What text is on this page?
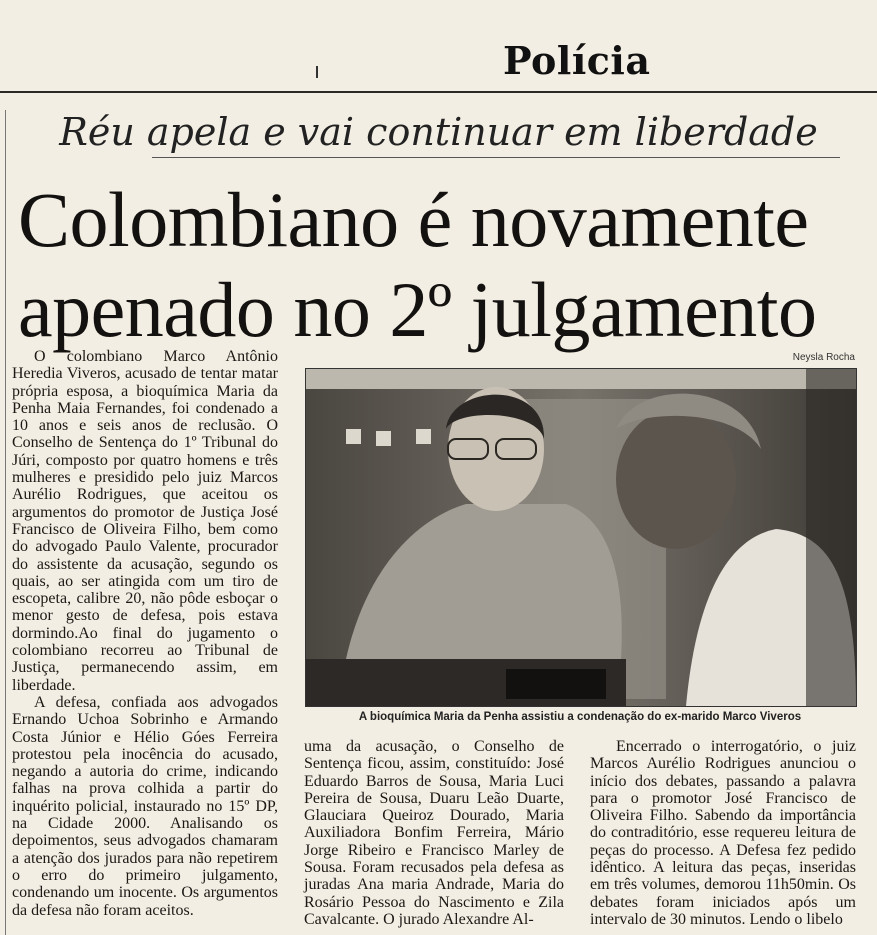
Polícia
Réu apela e vai continuar em liberdade
Colombiano é novamente
apenado no 2º julgamento

O colombiano Marco Antônio Heredia Viveros, acusado de tentar matar própria esposa, a bioquímica Maria da Penha Maia Fernandes, foi condenado a 10 anos e seis anos de reclusão. O Conselho de Sentença do 1º Tribunal do Júri, composto por quatro homens e três mulheres e presidido pelo juiz Marcos Aurélio Rodrigues, que aceitou os argumentos do promotor de Justiça José Francisco de Oliveira Filho, bem como do advogado Paulo Valente, procurador do assistente da acusação, segundo os quais, ao ser atingida com um tiro de escopeta, calibre 20, não pôde esboçar o menor gesto de defesa, pois estava dormindo.Ao final do jugamento o colombiano recorreu ao Tribunal de Justiça, permanecendo assim, em liberdade.

A defesa, confiada aos advogados Ernando Uchoa Sobrinho e Armando Costa Júnior e Hélio Góes Ferreira protestou pela inocência do acusado, negando a autoria do crime, indicando falhas na prova colhida a partir do inquérito policial, instaurado no 15º DP, na Cidade 2000. Analisando os depoimentos, seus advogados chamaram a atenção dos jurados para não repetirem o erro do primeiro julgamento, condenando um inocente. Os argumentos da defesa não foram aceitos.

Neysla Rocha
A bioquímica Maria da Penha assistiu a condenação do ex-marido Marco Viveros

uma da acusação, o Conselho de Sentença ficou, assim, constituído: José Eduardo Barros de Sousa, Maria Luci Pereira de Sousa, Duaru Leão Duarte, Glauciara Queiroz Dourado, Maria Auxiliadora Bonfim Ferreira, Mário Jorge Ribeiro e Francisco Marley de Sousa. Foram recusados pela defesa as juradas Ana maria Andrade, Maria do Rosário Pessoa do Nascimento e Zila Cavalcante. O jurado Alexandre Al-

Encerrado o interrogatório, o juiz Marcos Aurélio Rodrigues anunciou o início dos debates, passando a palavra para o promotor José Francisco de Oliveira Filho. Sabendo da importância do contraditório, esse requereu leitura de peças do processo. A Defesa fez pedido idêntico. A leitura das peças, inseridas em três volumes, demorou 11h50min. Os debates foram iniciados após um intervalo de 30 minutos. Lendo o libelo
